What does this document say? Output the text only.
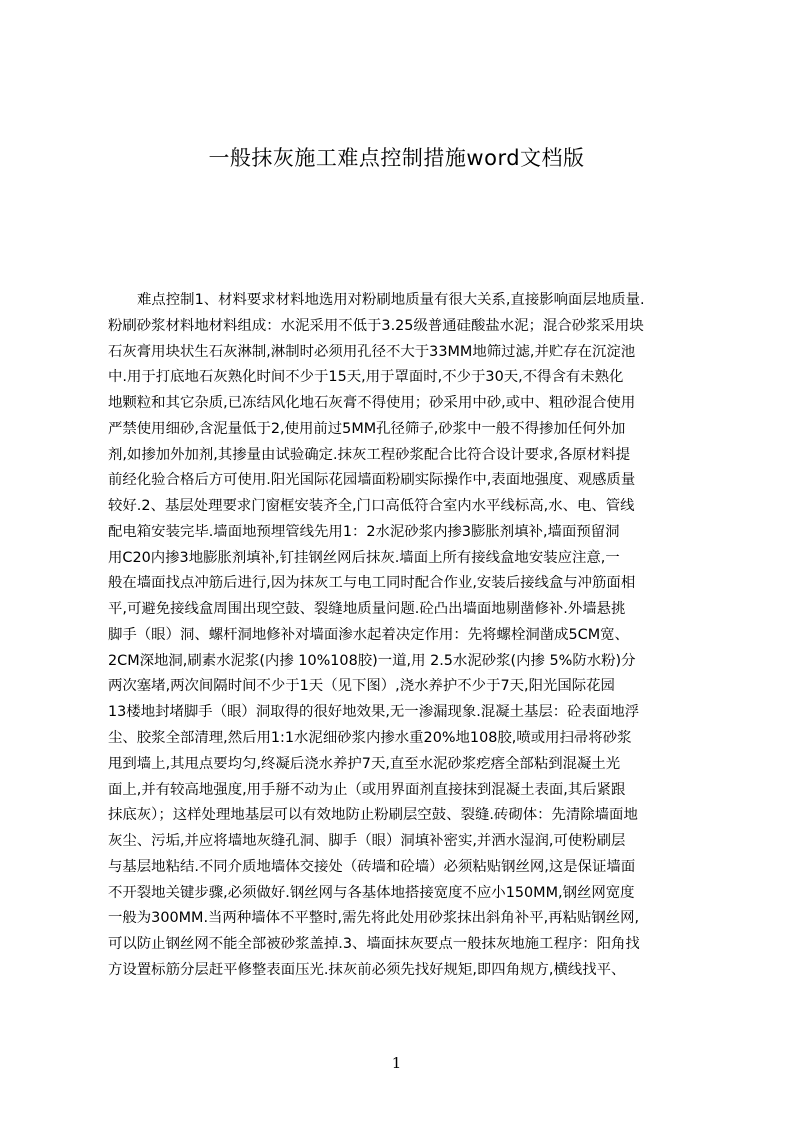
一般抹灰施工难点控制措施word文档版
难点控制1、材料要求材料地选用对粉刷地质量有很大关系,直接影响面层地质量.
粉刷砂浆材料地材料组成：水泥采用不低于3.25级普通硅酸盐水泥；混合砂浆采用块
石灰膏用块状生石灰淋制,淋制时必须用孔径不大于33MM地筛过滤,并贮存在沉淀池
中.用于打底地石灰熟化时间不少于15天,用于罩面时,不少于30天,不得含有未熟化
地颗粒和其它杂质,已冻结风化地石灰膏不得使用；砂采用中砂,或中、粗砂混合使用
严禁使用细砂,含泥量低于2,使用前过5MM孔径筛子,砂浆中一般不得掺加任何外加
剂,如掺加外加剂,其掺量由试验确定.抹灰工程砂浆配合比符合设计要求,各原材料提
前经化验合格后方可使用.阳光国际花园墙面粉刷实际操作中,表面地强度、观感质量
较好.2、基层处理要求门窗框安装齐全,门口高低符合室内水平线标高,水、电、管线
配电箱安装完毕.墙面地预埋管线先用1：2水泥砂浆内掺3膨胀剂填补,墙面预留洞
用C20内掺3地膨胀剂填补,钉挂钢丝网后抹灰.墙面上所有接线盒地安装应注意,一
般在墙面找点冲筋后进行,因为抹灰工与电工同时配合作业,安装后接线盒与冲筋面相
平,可避免接线盒周围出现空鼓、裂缝地质量问题.砼凸出墙面地剔凿修补.外墙悬挑
脚手（眼）洞、螺杆洞地修补对墙面渗水起着决定作用：先将螺栓洞凿成5CM宽、
2CM深地洞,刷素水泥浆(内掺 10%108胶)一道,用 2.5水泥砂浆(内掺 5%防水粉)分
两次塞堵,两次间隔时间不少于1天（见下图）,浇水养护不少于7天,阳光国际花园
13楼地封堵脚手（眼）洞取得的很好地效果,无一渗漏现象.混凝土基层：砼表面地浮
尘、胶浆全部清理,然后用1:1水泥细砂浆内掺水重20%地108胶,喷或用扫帚将砂浆
甩到墙上,其甩点要均匀,终凝后浇水养护7天,直至水泥砂浆疙瘩全部粘到混凝土光
面上,并有较高地强度,用手掰不动为止（或用界面剂直接抹到混凝土表面,其后紧跟
抹底灰）；这样处理地基层可以有效地防止粉刷层空鼓、裂缝.砖砌体：先清除墙面地
灰尘、污垢,并应将墙地灰缝孔洞、脚手（眼）洞填补密实,并洒水湿润,可使粉刷层
与基层地粘结.不同介质地墙体交接处（砖墙和砼墙）必须粘贴钢丝网,这是保证墙面
不开裂地关键步骤,必须做好.钢丝网与各基体地搭接宽度不应小150MM,钢丝网宽度
一般为300MM.当两种墙体不平整时,需先将此处用砂浆抹出斜角补平,再粘贴钢丝网,
可以防止钢丝网不能全部被砂浆盖掉.3、墙面抹灰要点一般抹灰地施工程序：阳角找
方设置标筋分层赶平修整表面压光.抹灰前必须先找好规矩,即四角规方,横线找平、
1
